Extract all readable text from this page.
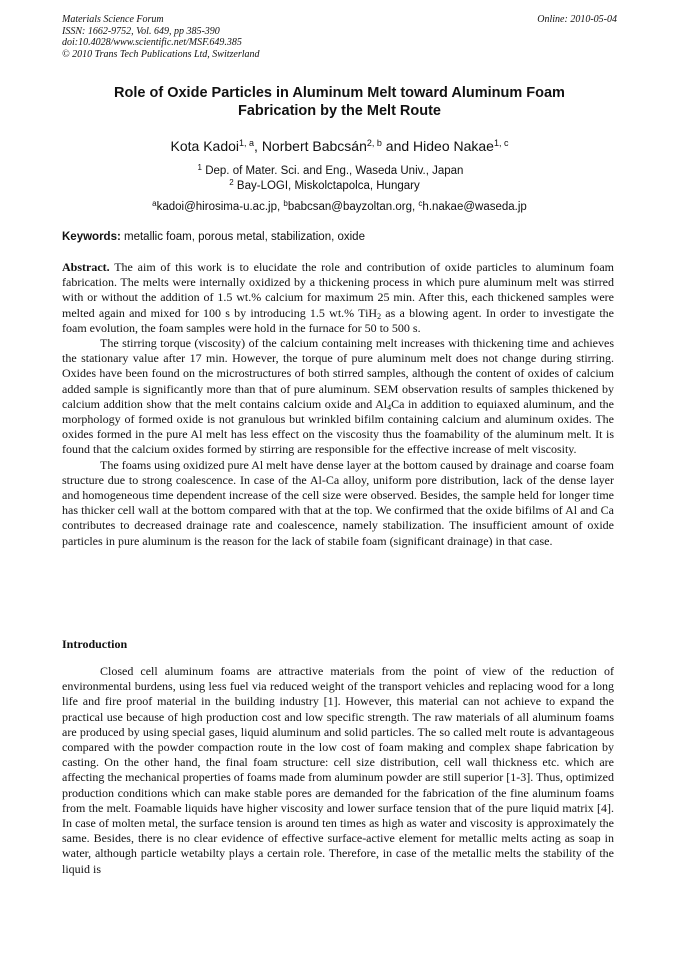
Online: 2010-05-04
Materials Science Forum
ISSN: 1662-9752, Vol. 649, pp 385-390
doi:10.4028/www.scientific.net/MSF.649.385
© 2010 Trans Tech Publications Ltd, Switzerland
Role of Oxide Particles in Aluminum Melt toward Aluminum Foam
Fabrication by the Melt Route
Kota Kadoi$^{1, a}$, Norbert Babcsán$^{2, b}$ and Hideo Nakae$^{1, c}$
$^1$ Dep. of Mater. Sci. and Eng., Waseda Univ., Japan
$^2$ Bay-LOGI, Miskolctapolca, Hungary
$^a$kadoi@hirosima-u.ac.jp, $^b$babcsan@bayzoltan.org, $^c$h.nakae@waseda.jp
Keywords: metallic foam, porous metal, stabilization, oxide

Abstract. The aim of this work is to elucidate the role and contribution of oxide particles to aluminum foam fabrication. The melts were internally oxidized by a thickening process in which pure aluminum melt was stirred with or without the addition of 1.5 wt.% calcium for maximum 25 min. After this, each thickened samples were melted again and mixed for 100 s by introducing 1.5 wt.% TiH$_2$ as a blowing agent. In order to investigate the foam evolution, the foam samples were hold in the furnace for 50 to 500 s.

The stirring torque (viscosity) of the calcium containing melt increases with thickening time and achieves the stationary value after 17 min. However, the torque of pure aluminum melt does not change during stirring. Oxides have been found on the microstructures of both stirred samples, although the content of oxides of calcium added sample is significantly more than that of pure aluminum. SEM observation results of samples thickened by calcium addition show that the melt contains calcium oxide and $Al_4Ca$ in addition to equiaxed aluminum, and the morphology of formed oxide is not granulous but wrinkled bifilm containing calcium and aluminum oxides. The oxides formed in the pure Al melt has less effect on the viscosity thus the foamability of the aluminum melt. It is found that the calcium oxides formed by stirring are responsible for the effective increase of melt viscosity.

The foams using oxidized pure Al melt have dense layer at the bottom caused by drainage and coarse foam structure due to strong coalescence. In case of the Al-Ca alloy, uniform pore distribution, lack of the dense layer and homogeneous time dependent increase of the cell size were observed. Besides, the sample held for longer time has thicker cell wall at the bottom compared with that at the top. We confirmed that the oxide bifilms of Al and Ca contributes to decreased drainage rate and coalescence, namely stabilization. The insufficient amount of oxide particles in pure aluminum is the reason for the lack of stabile foam (significant drainage) in that case.

Introduction

Closed cell aluminum foams are attractive materials from the point of view of the reduction of environmental burdens, using less fuel via reduced weight of the transport vehicles and replacing wood for a long life and fire proof material in the building industry [1]. However, this material can not achieve to expand the practical use because of high production cost and low specific strength. The raw materials of all aluminum foams are produced by using special gases, liquid aluminum and solid particles. The so called melt route is advantageous compared with the powder compaction route in the low cost of foam making and complex shape fabrication by casting. On the other hand, the final foam structure: cell size distribution, cell wall thickness etc. which are affecting the mechanical properties of foams made from aluminum powder are still superior [1-3]. Thus, optimized production conditions which can make stable pores are demanded for the fabrication of the fine aluminum foams from the melt. Foamable liquids have higher viscosity and lower surface tension that of the pure liquid matrix [4]. In case of molten metal, the surface tension is around ten times as high as water and viscosity is approximately the same. Besides, there is no clear evidence of effective surface-active element for metallic melts acting as soap in water, although particle wetabilty plays a certain role. Therefore, in case of the metallic melts the stability of the liquid is
